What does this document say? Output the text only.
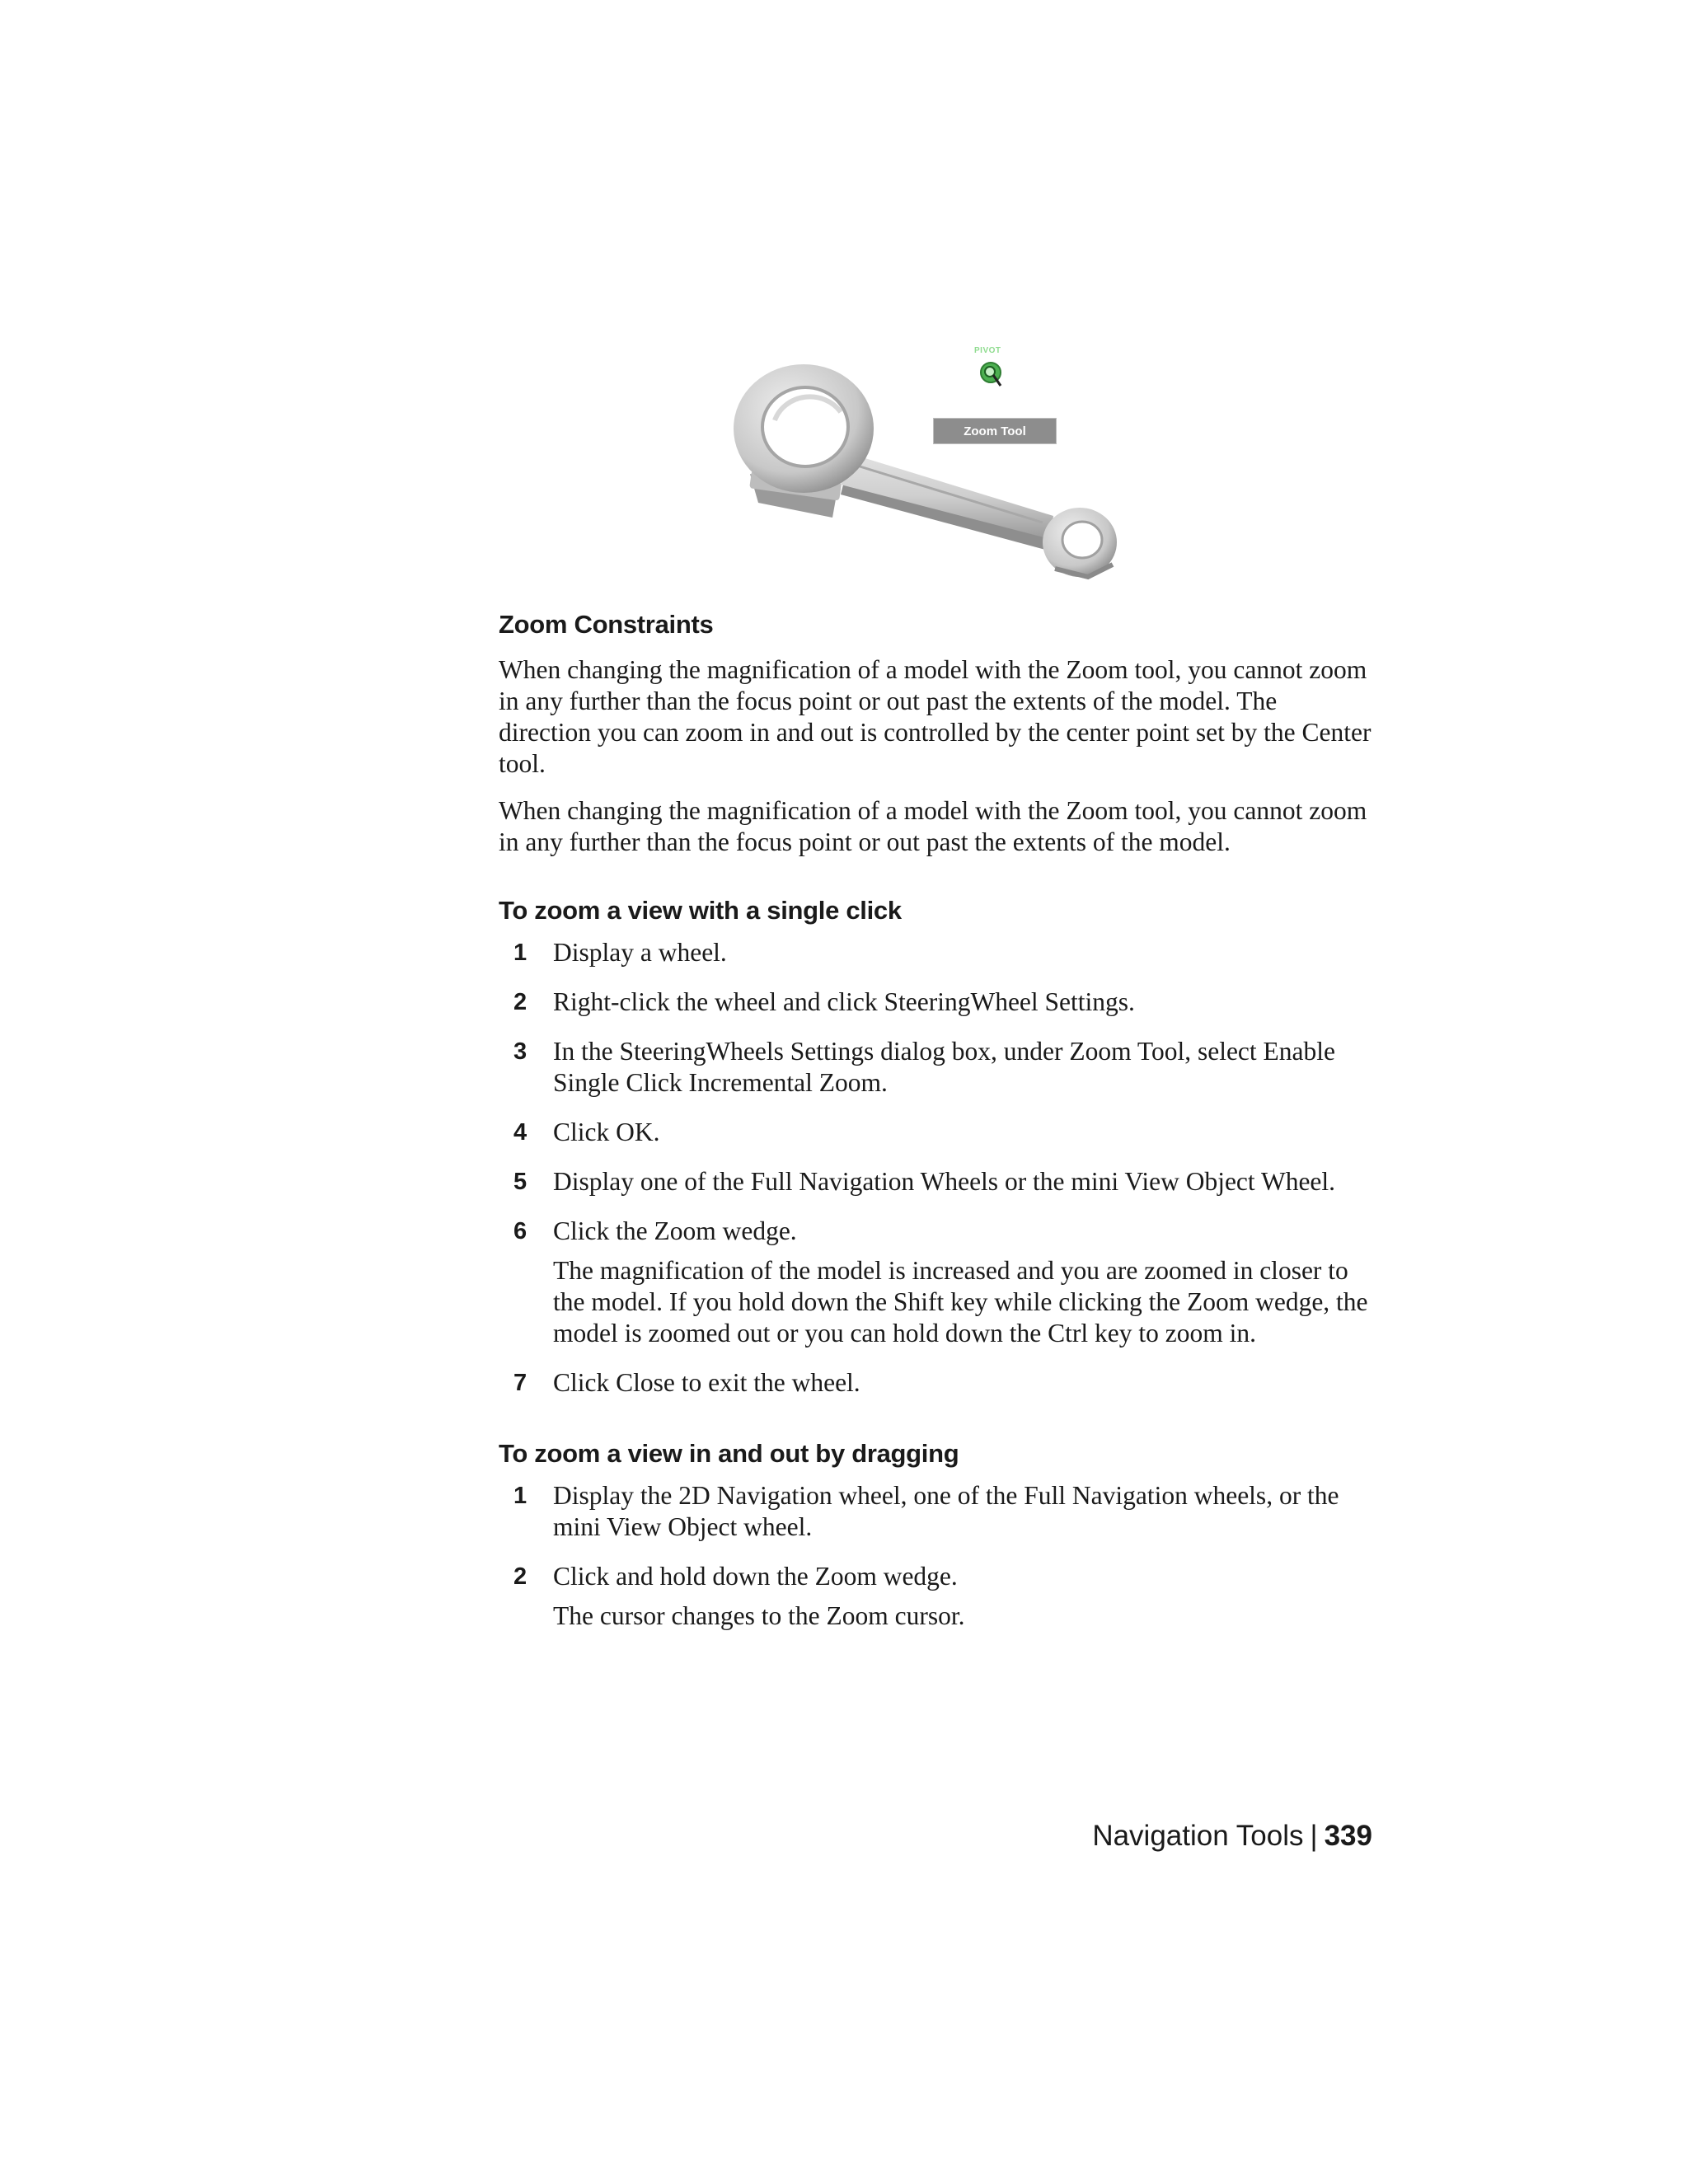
PIVOT
Zoom Tool
Zoom Constraints

When changing the magnification of a model with the Zoom tool, you cannot zoom in any further than the focus point or out past the extents of the model. The direction you can zoom in and out is controlled by the center point set by the Center tool.

When changing the magnification of a model with the Zoom tool, you cannot zoom in any further than the focus point or out past the extents of the model.

To zoom a view with a single click
1 Display a wheel.
2 Right-click the wheel and click SteeringWheel Settings.
3 In the SteeringWheels Settings dialog box, under Zoom Tool, select Enable Single Click Incremental Zoom.
4 Click OK.
5 Display one of the Full Navigation Wheels or the mini View Object Wheel.
6 Click the Zoom wedge.
The magnification of the model is increased and you are zoomed in closer to the model. If you hold down the Shift key while clicking the Zoom wedge, the model is zoomed out or you can hold down the Ctrl key to zoom in.
7 Click Close to exit the wheel.
To zoom a view in and out by dragging
1 Display the 2D Navigation wheel, one of the Full Navigation wheels, or the mini View Object wheel.
2 Click and hold down the Zoom wedge.
The cursor changes to the Zoom cursor.
Navigation Tools | 339
